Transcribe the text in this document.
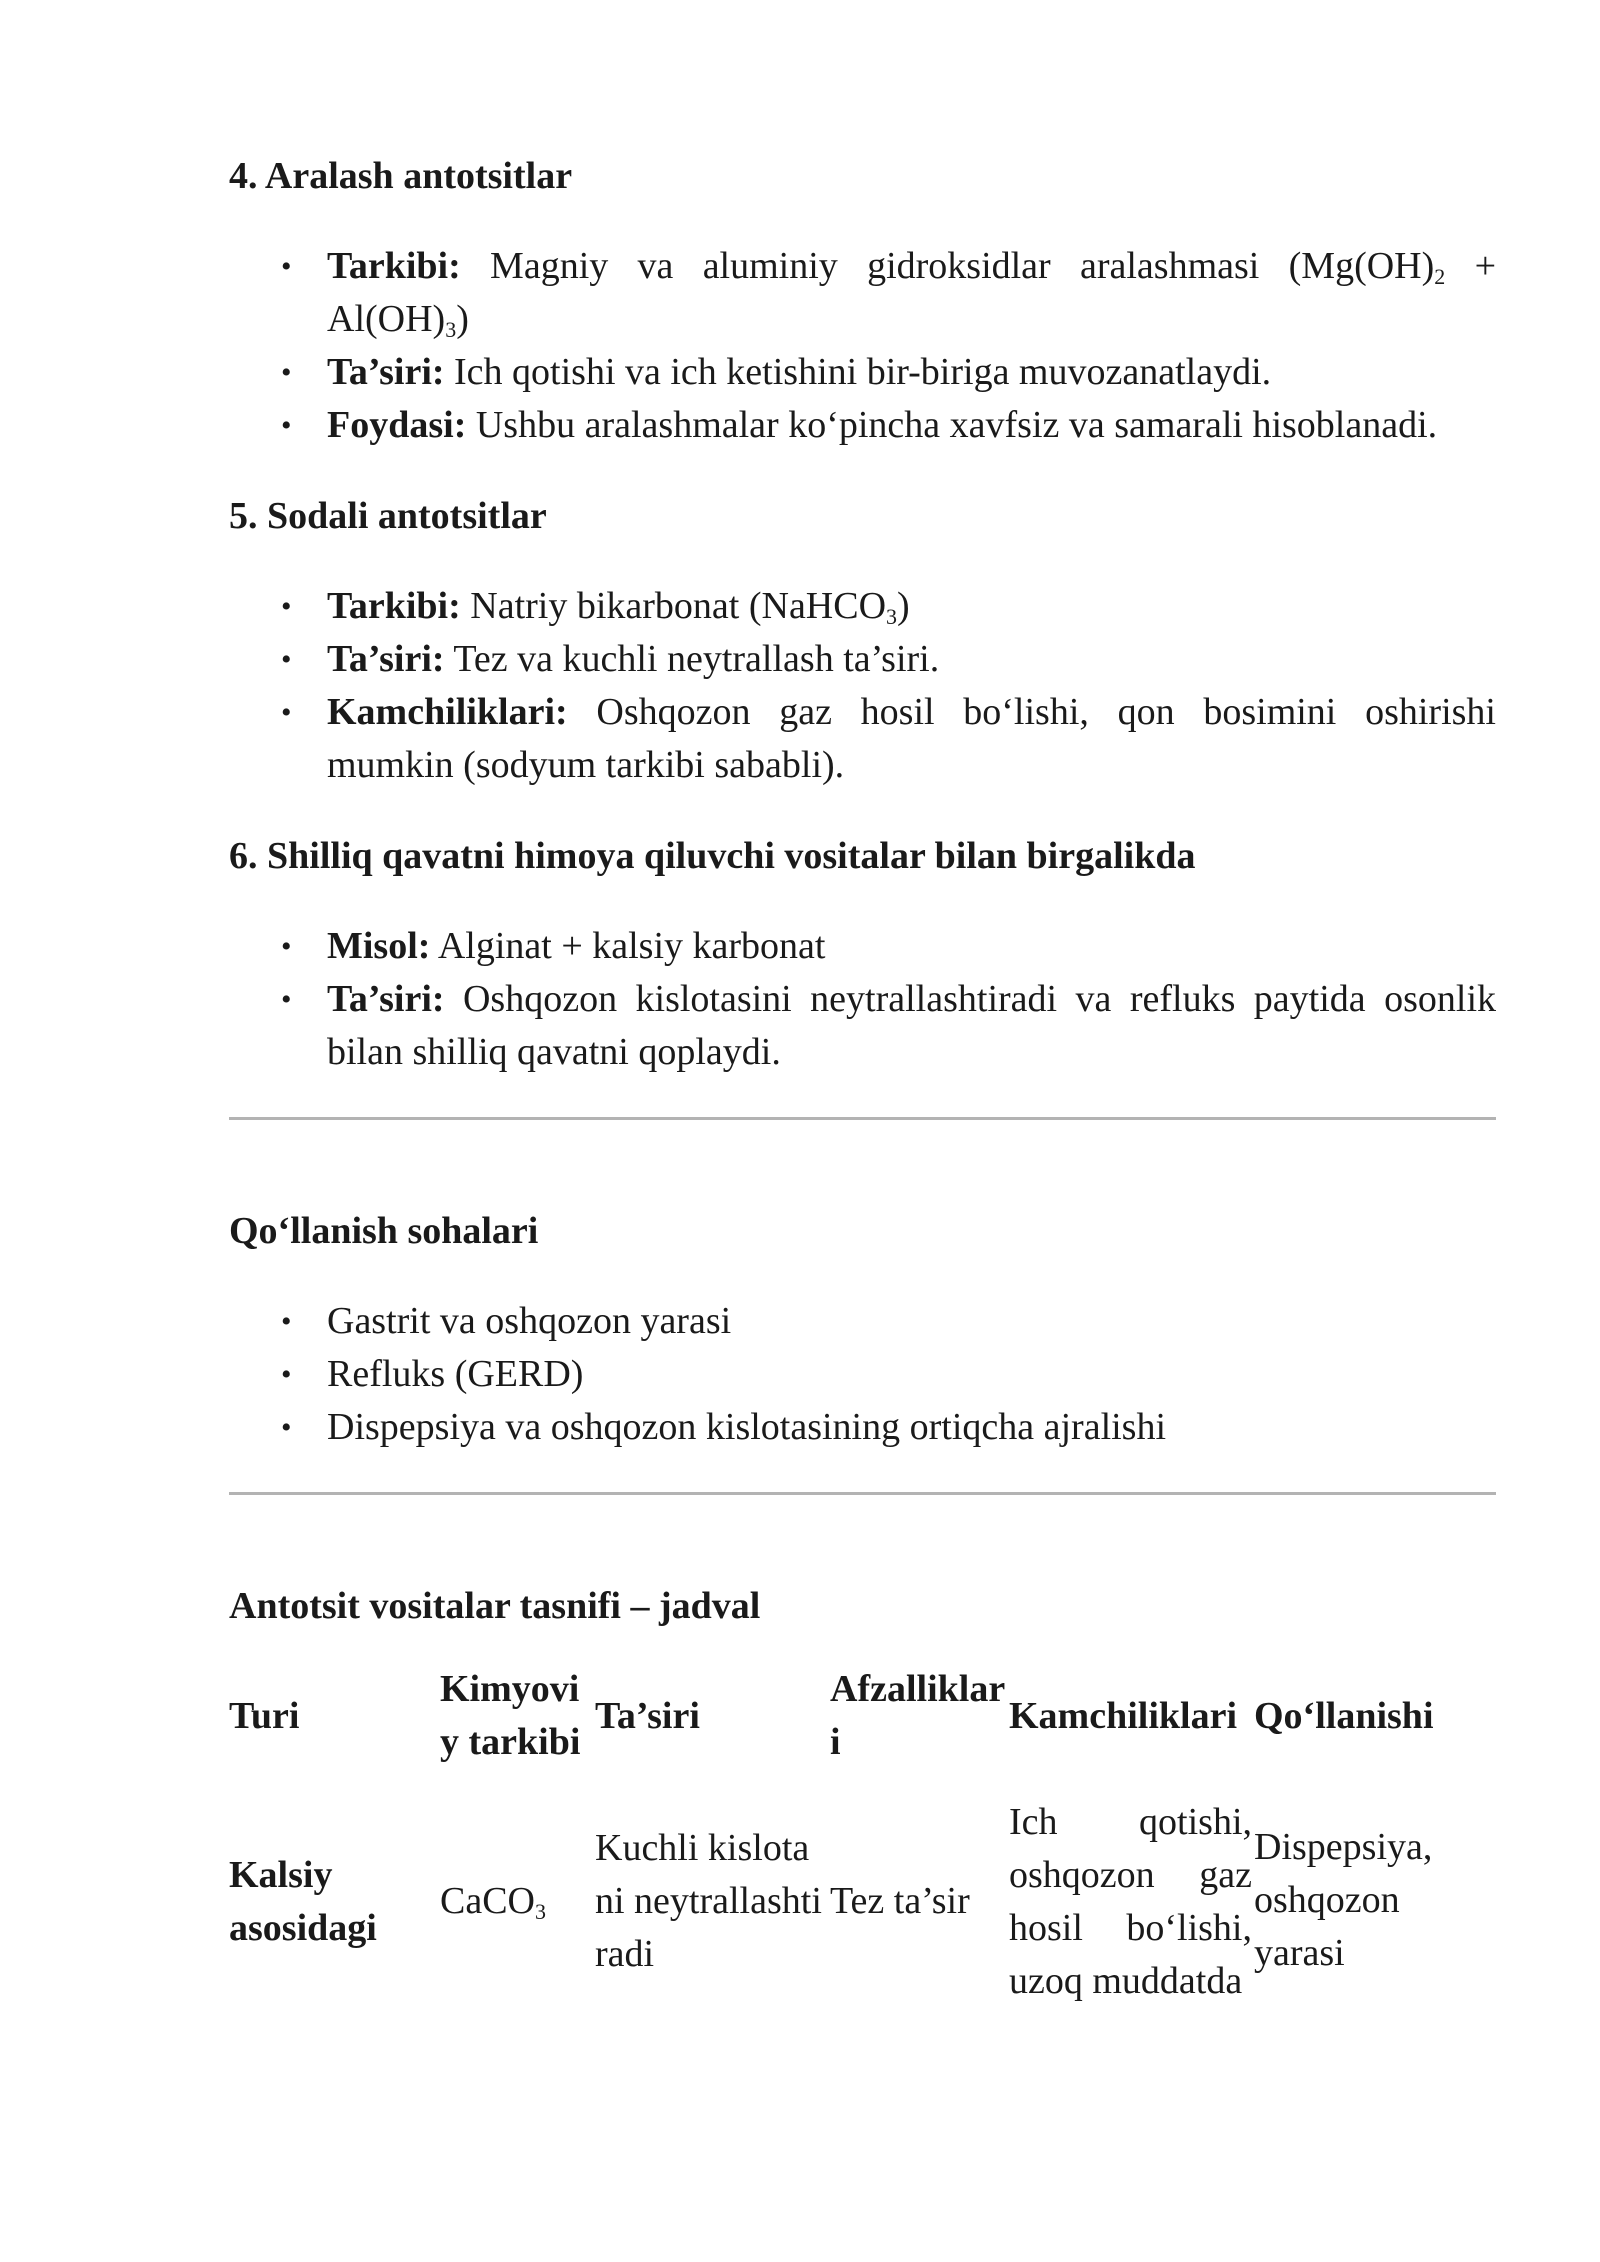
4. Aralash antotsitlar
• Tarkibi: Magniy va aluminiy gidroksidlar aralashmasi $(Mg(OH)_2 + Al(OH)_3)$
• Ta’siri: Ich qotishi va ich ketishini bir-biriga muvozanatlaydi.
• Foydasi: Ushbu aralashmalar ko‘pincha xavfsiz va samarali hisoblanadi.
5. Sodali antotsitlar
• Tarkibi: Natriy bikarbonat (NaHCO$_3$)
• Ta’siri: Tez va kuchli neytrallash ta’siri.
• Kamchiliklari: Oshqozon gaz hosil bo‘lishi, qon bosimini oshirishi mumkin (sodyum tarkibi sababli).
6. Shilliq qavatni himoya qiluvchi vositalar bilan birgalikda
• Misol: Alginat + kalsiy karbonat
• Ta’siri: Oshqozon kislotasini neytrallashtiradi va refluks paytida osonlik bilan shilliq qavatni qoplaydi.
Qo‘llanish sohalari
• Gastrit va oshqozon yarasi
• Refluks (GERD)
• Dispepsiya va oshqozon kislotasining ortiqcha ajralishi
Antotsit vositalar tasnifi – jadval
Turi	Kimyoviy tarkibi	Ta’siri	Afzalliklari	Kamchiliklari	Qo‘llanishi
Kalsiy asosidagi	CaCO$_3$	Kuchli kislotani neytrallashtiradi	Tez ta’sir	Ich qotishi, oshqozon gaz hosil bo‘lishi, uzoq muddatda	Dispepsiya, oshqozon yarasi
